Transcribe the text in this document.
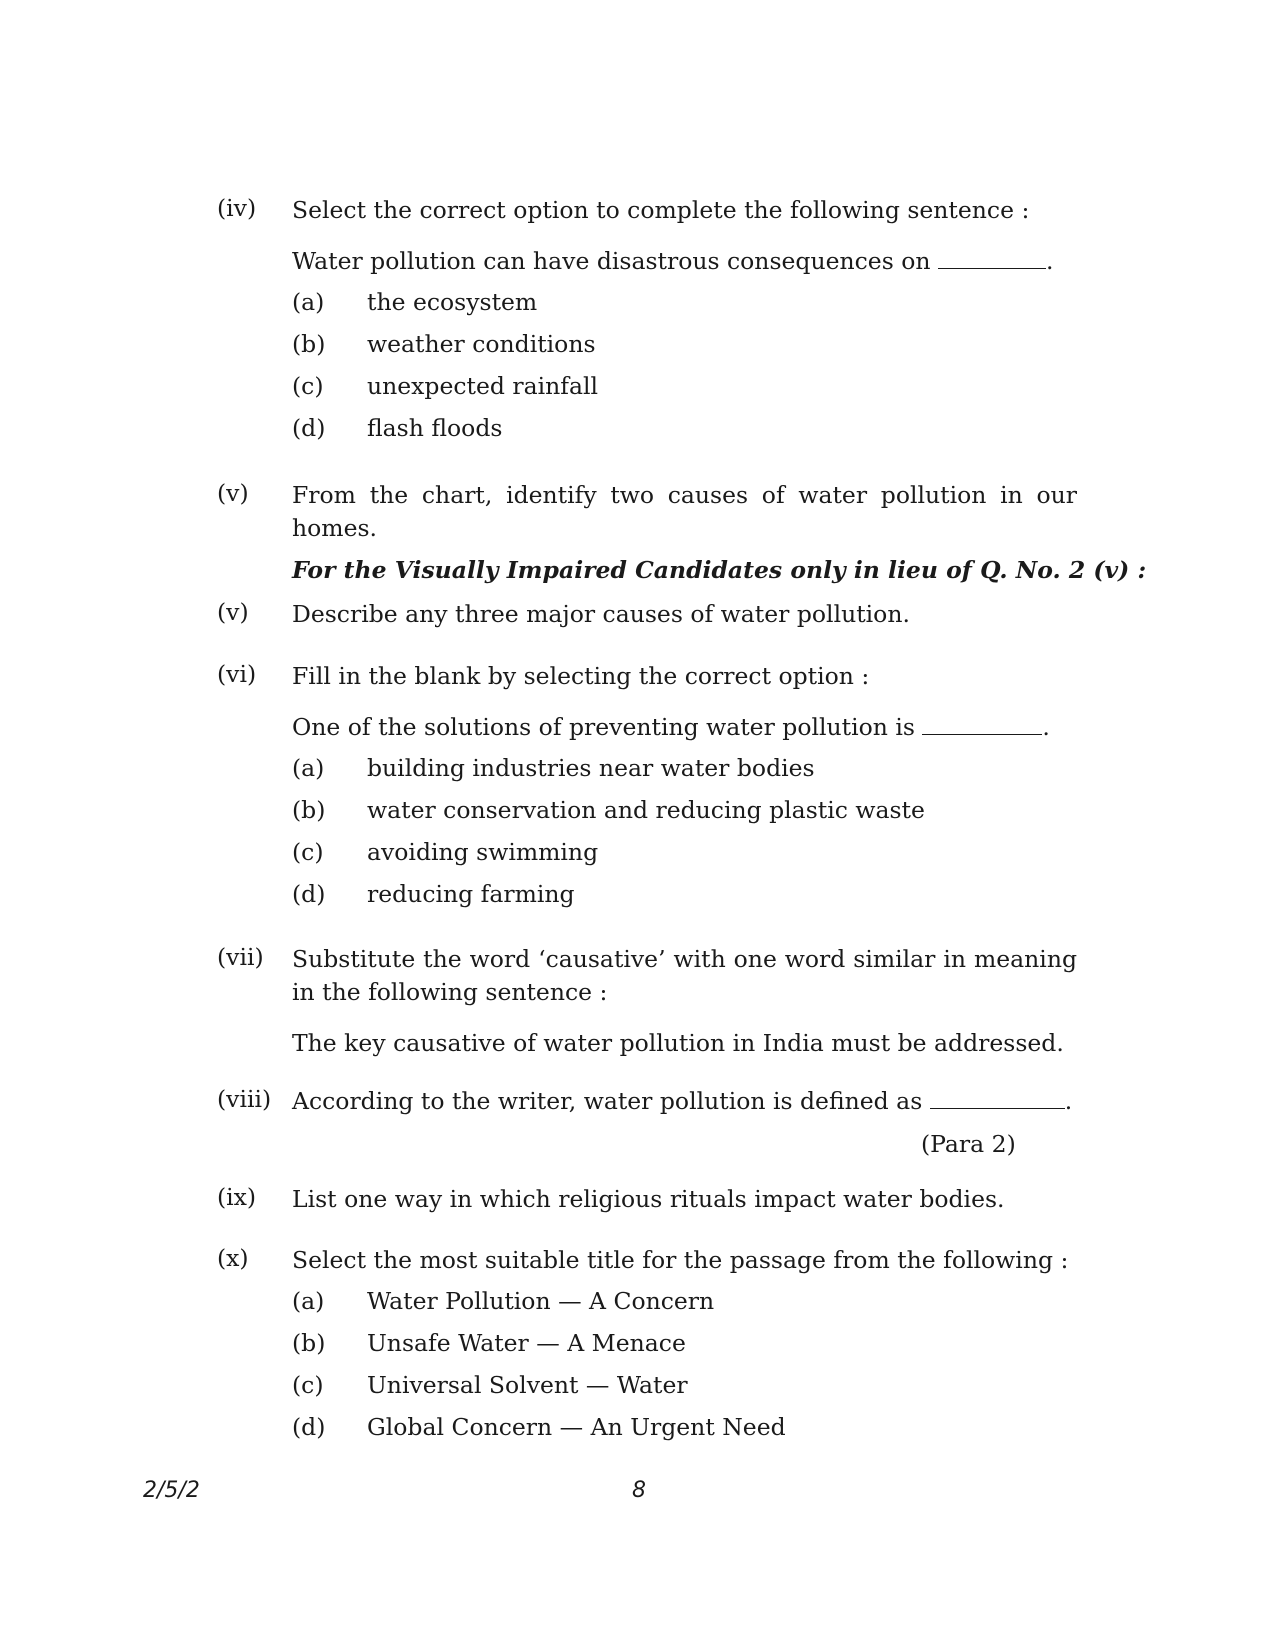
(iv)	Select the correct option to complete the following sentence :
Water pollution can have disastrous consequences on	.
(a) the ecosystem
(b) weather conditions
(c) unexpected rainfall
(d) flash floods
(v)	From the chart, identify two causes of water pollution in our homes.
For the Visually Impaired Candidates only in lieu of Q. No. 2 (v) :
(v)	Describe any three major causes of water pollution.
(vi)	Fill in the blank by selecting the correct option :
One of the solutions of preventing water pollution is	.
(a) building industries near water bodies
(b) water conservation and reducing plastic waste
(c) avoiding swimming
(d) reducing farming
(vii)	Substitute the word ‘causative’ with one word similar in meaning in the following sentence :
The key causative of water pollution in India must be addressed.
(viii) According to the writer, water pollution is defined as	.
(Para 2)
(ix)	List one way in which religious rituals impact water bodies.
(x)	Select the most suitable title for the passage from the following :
(a) Water Pollution — A Concern
(b) Unsafe Water — A Menace
(c) Universal Solvent — Water
(d) Global Concern — An Urgent Need
2/5/2	8
